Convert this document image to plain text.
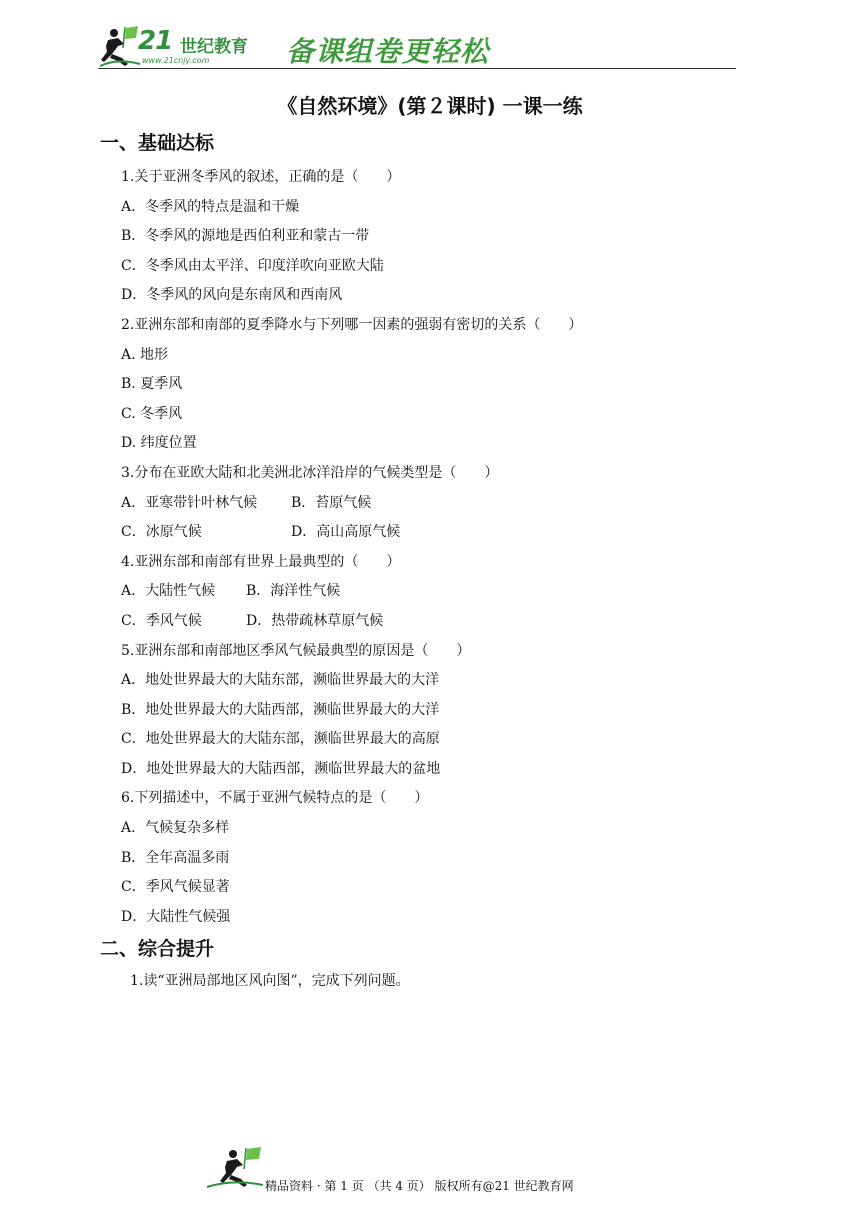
21 世纪教育
www.21cnjy.com	备课组卷更轻松
《自然环境》(第２课时) 一课一练
一、基础达标
1.关于亚洲冬季风的叙述，正确的是（　　）
A．冬季风的特点是温和干燥
B．冬季风的源地是西伯利亚和蒙古一带
C．冬季风由太平洋、印度洋吹向亚欧大陆
D．冬季风的风向是东南风和西南风
2.亚洲东部和南部的夏季降水与下列哪一因素的强弱有密切的关系（　　）
A. 地形
B. 夏季风
C. 冬季风
D. 纬度位置
3.分布在亚欧大陆和北美洲北冰洋沿岸的气候类型是（　　）
A．亚寒带针叶林气候 B．苔原气候
C．冰原气候	D．高山高原气候
4.亚洲东部和南部有世界上最典型的（　　）
A．大陆性气候 B．海洋性气候
C．季风气候	D．热带疏林草原气候
5.亚洲东部和南部地区季风气候最典型的原因是（　　）
A．地处世界最大的大陆东部，濒临世界最大的大洋
B．地处世界最大的大陆西部，濒临世界最大的大洋
C．地处世界最大的大陆东部，濒临世界最大的高原
D．地处世界最大的大陆西部，濒临世界最大的盆地
6.下列描述中，不属于亚洲气候特点的是（　　）
A．气候复杂多样
B．全年高温多雨
C．季风气候显著
D．大陆性气候强
二、综合提升
1.读“亚洲局部地区风向图”，完成下列问题。
精品资料 · 第 1 页 （共 4 页） 版权所有@21 世纪教育网
